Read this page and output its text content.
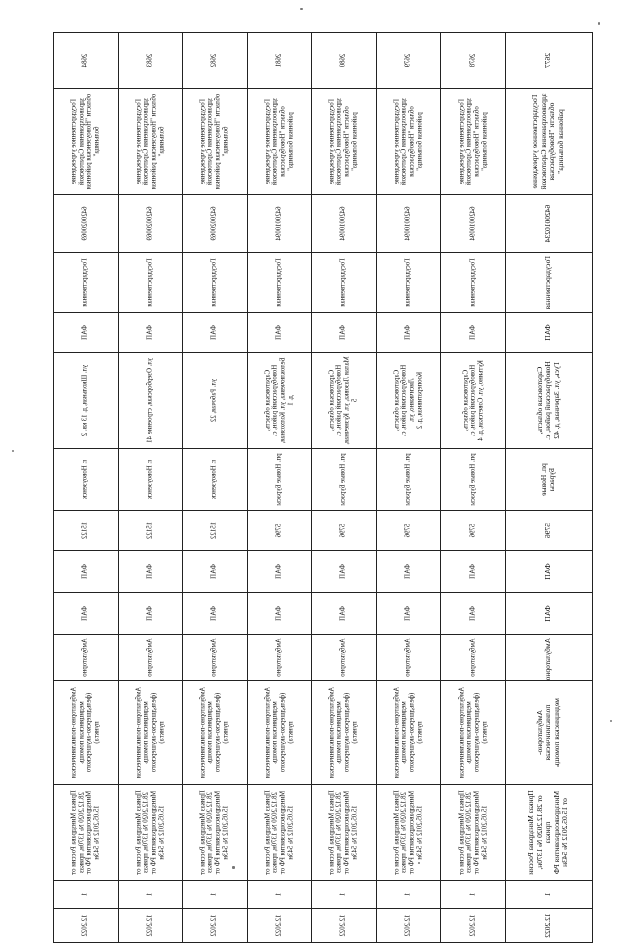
2677	Государственное учреждение здравоохранения Саратовской области "Новобурасская районная больница"	6420010234	Государственная	ФАП	Саратовская область, Новобурасский район, с. Гусь, ул. Заречная, д. 42	рп. Новые Бурасы	5796	ФАП	ФАП	Амбулаторно	Амбулаторно-поликлиническая медицинская помощь	Приказ Минздрава России от 28.12.2020 № 1370н, приказ Минздравсоцразвития РФ от 15.05.2012 № 543н	1	12.2022
2678	Государственное учреждение здравоохранения Саратовской области "Новобурасская районная больница"	6420010094	Государственная	ФАП	Саратовская область, Новобурасский район, с. Кутьино, ул. Советская, д. 4	рп. Новые Бурасы	5796	ФАП	ФАП	Амбулаторно	Амбулаторно-поликлиническая медицинская помощь (фельдшерско-акушерского пункта)	Приказ Минздрава России от 28.12.2020 № 1370н, приказ Минздравсоцразвития РФ от 15.05.2012 № 543н	1	12.2022
2679	Государственное учреждение здравоохранения Саратовской области "Новобурасская районная больница"	6420010094	Государственная	ФАП	Саратовская область, Новобурасский район, с. Лисичкино, ул. Кооперативная, д. 2	рп. Новые Бурасы	5796	ФАП	ФАП	Амбулаторно	Амбулаторно-поликлиническая медицинская помощь (фельдшерско-акушерского пункта)	Приказ Минздрава России от 28.12.2020 № 1370н, приказ Минздравсоцразвития РФ от 15.05.2012 № 543н	1	12.2022
2680	Государственное учреждение здравоохранения Саратовской области "Новобурасская районная больница"	6420010094	Государственная	ФАП	Саратовская область, Новобурасский район, с. Малая Лазовка, ул. Кузнечная, 5	рп. Новые Бурасы	5796	ФАП	ФАП	Амбулаторно	Амбулаторно-поликлиническая медицинская помощь (фельдшерско-акушерского пункта)	Приказ Минздрава России от 28.12.2020 № 1370н, приказ Минздравсоцразвития РФ от 15.05.2012 № 543н	1	12.2022
2681	Государственное учреждение здравоохранения Саратовской области "Новобурасская районная больница"	6420010094	Государственная	ФАП	Саратовская область, Новобурасский район, с. Белоключевка, ул. Колхозная, д. 1	рп. Новые Бурасы	5796	ФАП	ФАП	Амбулаторно	Амбулаторно-поликлиническая медицинская помощь (фельдшерско-акушерского пункта)	Приказ Минздрава России от 28.12.2020 № 1370н, приказ Минздравсоцразвития РФ от 15.05.2012 № 543н	1	12.2022
2682	Государственное учреждение здравоохранения Саратовской области "Новоузенская районная больница"	6420020069	Государственная	ФАП	ул. Рабочая, 22	г. Новоузенск	15122	ФАП	ФАП	Амбулаторно	Амбулаторно-поликлиническая медицинская помощь (фельдшерско-акушерского пункта)	Приказ Минздрава России от 28.12.2020 № 1370н, приказ Минздравсоцразвития РФ от 15.05.2012 № 543н	1	12.2022
2683	Государственное учреждение здравоохранения Саратовской области "Новоузенская районная больница"	6420020069	Государственная	ФАП	ул. Озерборская, строение 41	г. Новоузенск	15122	ФАП	ФАП	Амбулаторно	Амбулаторно-поликлиническая медицинская помощь (фельдшерско-акушерского пункта)	Приказ Минздрава России от 28.12.2020 № 1370н, приказ Минздравсоцразвития РФ от 15.05.2012 № 543н	1	12.2022
2684	Государственное учреждение здравоохранения Саратовской области "Новоузенская районная больница"	6420020069	Государственная	ФАП	ул. Школьная, д. 13 кв. 2	г. Новоузенск	15122	ФАП	ФАП	Амбулаторно	Амбулаторно-поликлиническая медицинская помощь (фельдшерско-акушерского пункта)	Приказ Минздрава России от 28.12.2020 № 1370н, приказ Минздравсоцразвития РФ от 15.05.2012 № 543н	1	12.2022
